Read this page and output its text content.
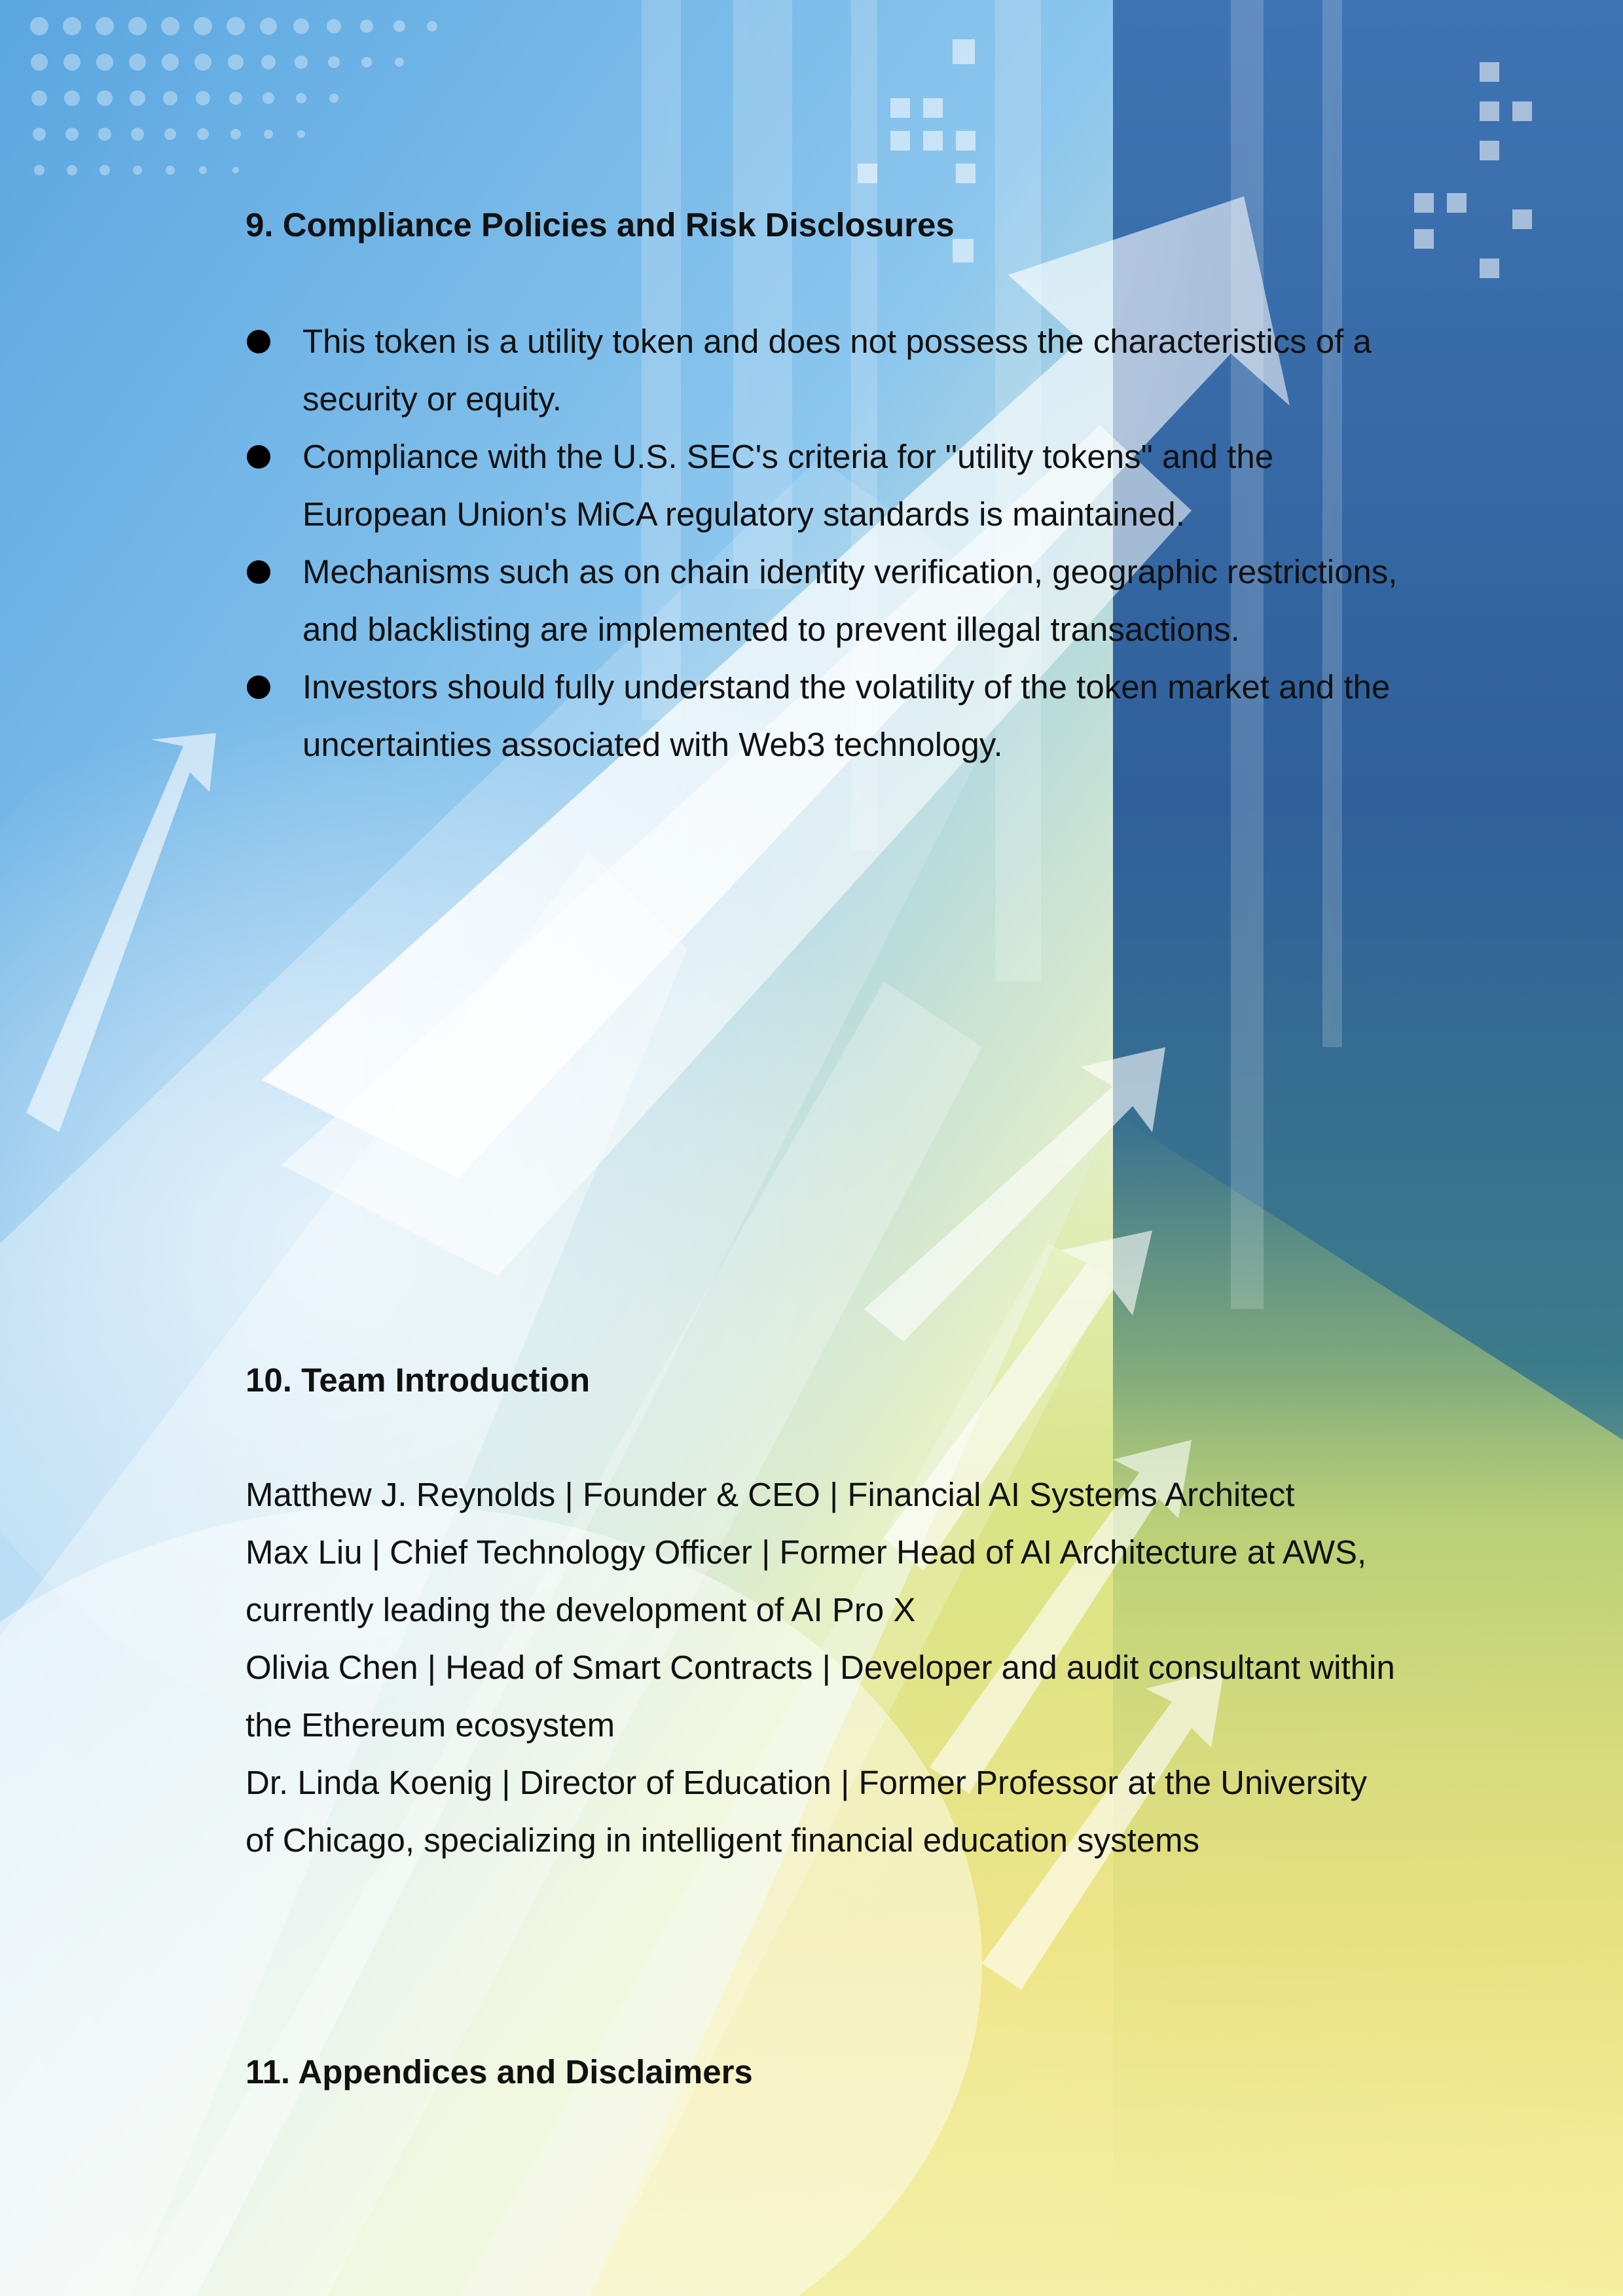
9. Compliance Policies and Risk Disclosures
This token is a utility token and does not possess the characteristics of a security or equity.
Compliance with the U.S. SEC's criteria for "utility tokens" and the European Union's MiCA regulatory standards is maintained.
Mechanisms such as on chain identity verification, geographic restrictions, and blacklisting are implemented to prevent illegal transactions.
Investors should fully understand the volatility of the token market and the uncertainties associated with Web3 technology.
10. Team Introduction

Matthew J. Reynolds | Founder & CEO | Financial AI Systems Architect

Max Liu | Chief Technology Officer | Former Head of AI Architecture at AWS, currently leading the development of AI Pro X

Olivia Chen | Head of Smart Contracts | Developer and audit consultant within the Ethereum ecosystem

Dr. Linda Koenig | Director of Education | Former Professor at the University of Chicago, specializing in intelligent financial education systems

11. Appendices and Disclaimers
